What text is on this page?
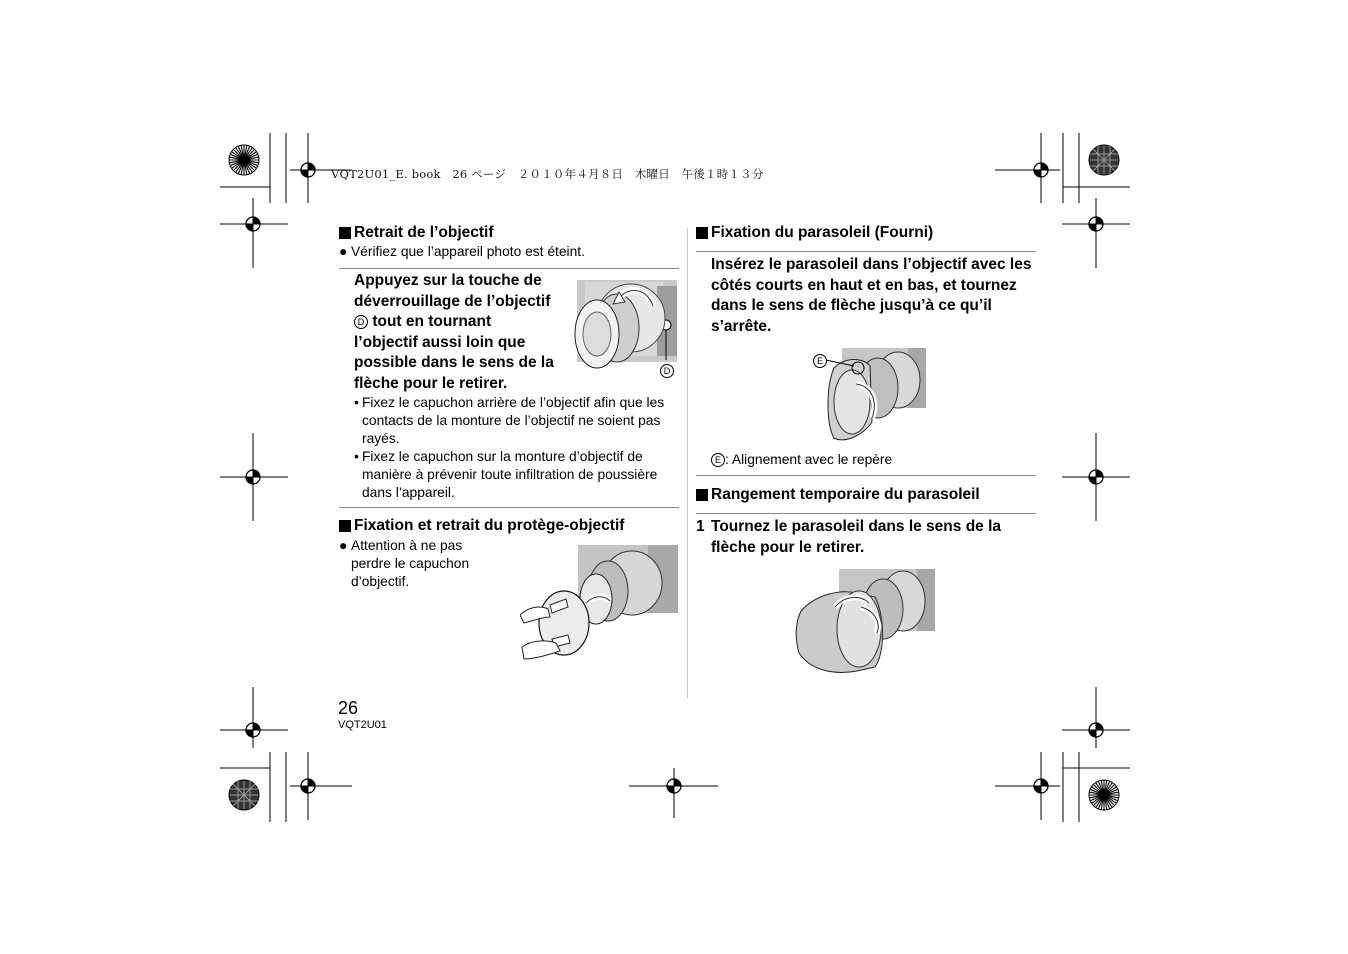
VQT2U01_E. book　26 ページ　２０１０年４月８日　木曜日　午後１時１３分
Retrait de l’objectif
● Vérifiez que l’appareil photo est éteint.
Appuyez sur la touche de déverrouillage de l’objectif
D tout en tournant l’objectif aussi loin que possible dans le sens de la flèche pour le retirer.
D
• Fixez le capuchon arrière de l’objectif afin que les contacts de la monture de l’objectif ne soient pas rayés.
• Fixez le capuchon sur la monture d’objectif de manière à prévenir toute infiltration de poussière dans l’appareil.
Fixation et retrait du protège-objectif
● Attention à ne pas perdre le capuchon d’objectif.
Fixation du parasoleil (Fourni)
Insérez le parasoleil dans l’objectif avec les côtés courts en haut et en bas, et tournez dans le sens de flèche jusqu’à ce qu’il s’arrête.
E
E : Alignement avec le repère
Rangement temporaire du parasoleil
1 Tournez le parasoleil dans le sens de la flèche pour le retirer.
26
VQT2U01
